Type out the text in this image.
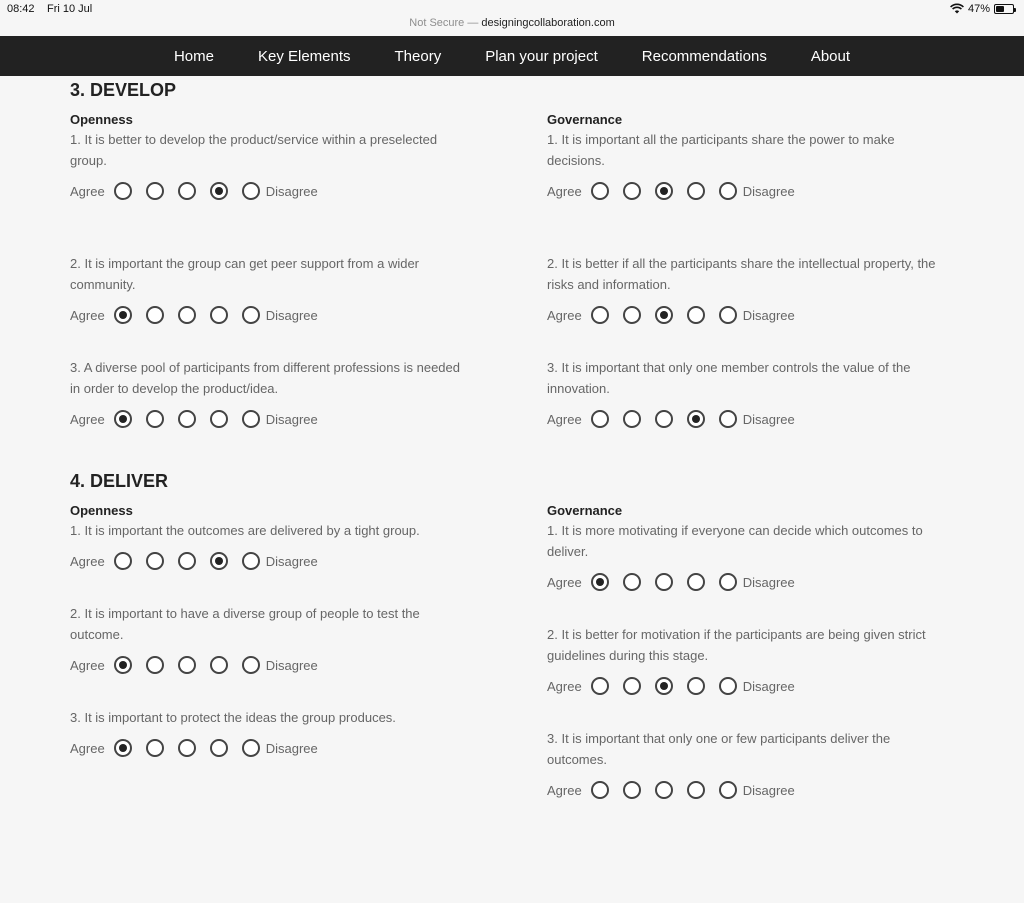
08:42 Fri 10 Jul	47%
Not Secure — designingcollaboration.com
Home	Key Elements	Theory	Plan your project	Recommendations	About
3. DEVELOP
Openness
1. It is better to develop the product/service within a preselected group.
Agree	Disagree
2. It is important the group can get peer support from a wider community.
Agree	Disagree
3. A diverse pool of participants from different professions is needed in order to develop the product/idea.
Agree	Disagree
Governance
1. It is important all the participants share the power to make decisions.
Agree	Disagree
2. It is better if all the participants share the intellectual property, the risks and information.
Agree	Disagree
3. It is important that only one member controls the value of the innovation.
Agree	Disagree
4. DELIVER
Openness
1. It is important the outcomes are delivered by a tight group.
Agree	Disagree
2. It is important to have a diverse group of people to test the outcome.
Agree	Disagree
3. It is important to protect the ideas the group produces.
Agree	Disagree
Governance
1. It is more motivating if everyone can decide which outcomes to deliver.
Agree	Disagree
2. It is better for motivation if the participants are being given strict guidelines during this stage.
Agree	Disagree
3. It is important that only one or few participants deliver the outcomes.
Agree	Disagree
